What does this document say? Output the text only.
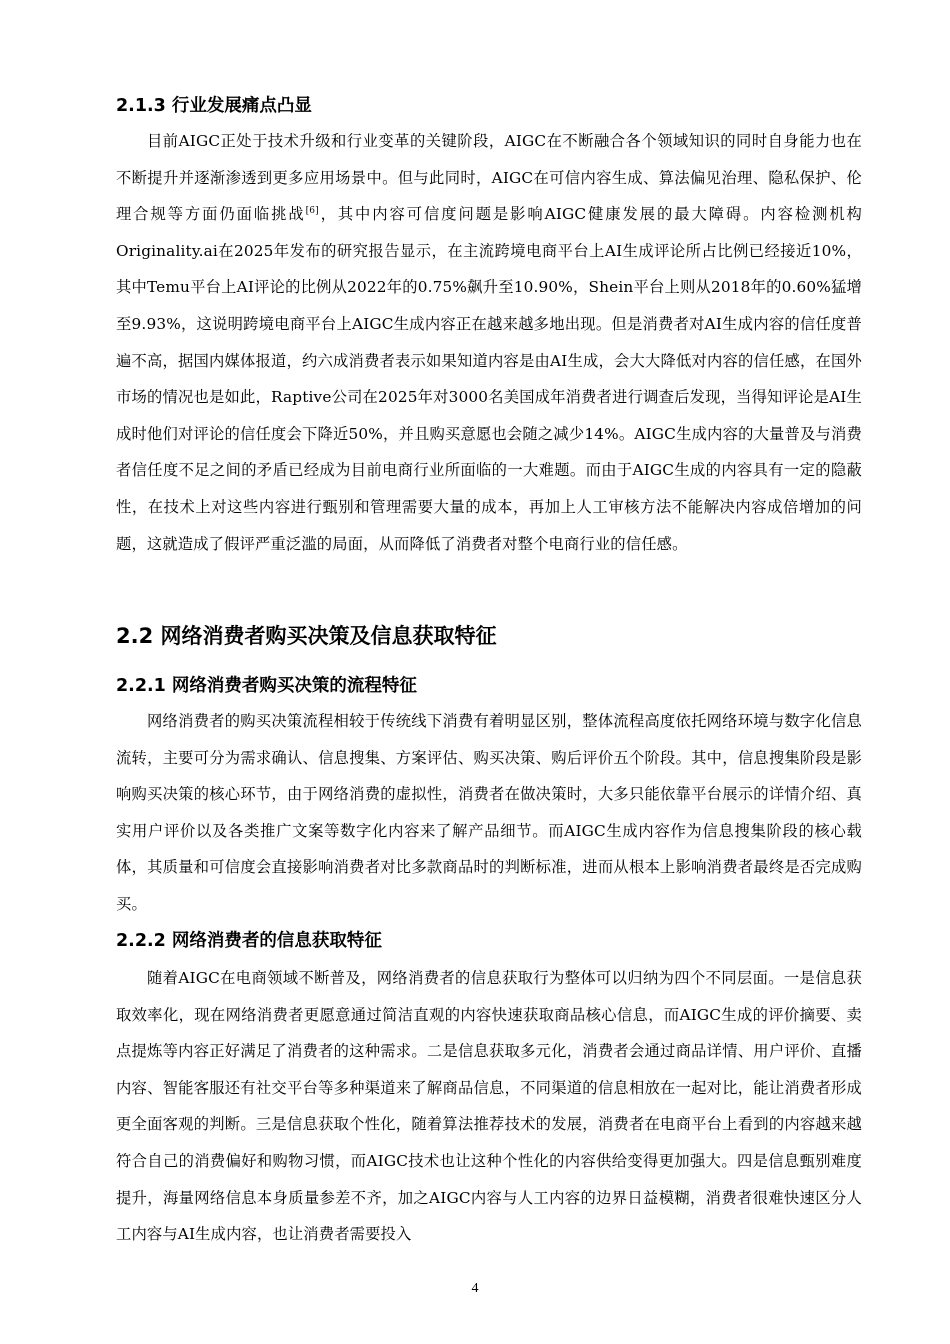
2.1.3 行业发展痛点凸显

目前AIGC正处于技术升级和行业变革的关键阶段，AIGC在不断融合各个领域知识的同时自身能力也在不断提升并逐渐渗透到更多应用场景中。但与此同时，AIGC在可信内容生成、算法偏见治理、隐私保护、伦理合规等方面仍面临挑战[6]，其中内容可信度问题是影响AIGC健康发展的最大障碍。内容检测机构Originality.ai在2025年发布的研究报告显示，在主流跨境电商平台上AI生成评论所占比例已经接近10%，其中Temu平台上AI评论的比例从2022年的0.75%飙升至10.90%，Shein平台上则从2018年的0.60%猛增至9.93%，这说明跨境电商平台上AIGC生成内容正在越来越多地出现。但是消费者对AI生成内容的信任度普遍不高，据国内媒体报道，约六成消费者表示如果知道内容是由AI生成，会大大降低对内容的信任感，在国外市场的情况也是如此，Raptive公司在2025年对3000名美国成年消费者进行调查后发现，当得知评论是AI生成时他们对评论的信任度会下降近50%，并且购买意愿也会随之减少14%。AIGC生成内容的大量普及与消费者信任度不足之间的矛盾已经成为目前电商行业所面临的一大难题。而由于AIGC生成的内容具有一定的隐蔽性，在技术上对这些内容进行甄别和管理需要大量的成本，再加上人工审核方法不能解决内容成倍增加的问题，这就造成了假评严重泛滥的局面，从而降低了消费者对整个电商行业的信任感。

2.2 网络消费者购买决策及信息获取特征
2.2.1 网络消费者购买决策的流程特征

网络消费者的购买决策流程相较于传统线下消费有着明显区别，整体流程高度依托网络环境与数字化信息流转，主要可分为需求确认、信息搜集、方案评估、购买决策、购后评价五个阶段。其中，信息搜集阶段是影响购买决策的核心环节，由于网络消费的虚拟性，消费者在做决策时，大多只能依靠平台展示的详情介绍、真实用户评价以及各类推广文案等数字化内容来了解产品细节。而AIGC生成内容作为信息搜集阶段的核心载体，其质量和可信度会直接影响消费者对比多款商品时的判断标准，进而从根本上影响消费者最终是否完成购买。

2.2.2 网络消费者的信息获取特征

随着AIGC在电商领域不断普及，网络消费者的信息获取行为整体可以归纳为四个不同层面。一是信息获取效率化，现在网络消费者更愿意通过简洁直观的内容快速获取商品核心信息，而AIGC生成的评价摘要、卖点提炼等内容正好满足了消费者的这种需求。二是信息获取多元化，消费者会通过商品详情、用户评价、直播内容、智能客服还有社交平台等多种渠道来了解商品信息，不同渠道的信息相放在一起对比，能让消费者形成更全面客观的判断。三是信息获取个性化，随着算法推荐技术的发展，消费者在电商平台上看到的内容越来越符合自己的消费偏好和购物习惯，而AIGC技术也让这种个性化的内容供给变得更加强大。四是信息甄别难度提升，海量网络信息本身质量参差不齐，加之AIGC内容与人工内容的边界日益模糊，消费者很难快速区分人工内容与AI生成内容，也让消费者需要投入

4
